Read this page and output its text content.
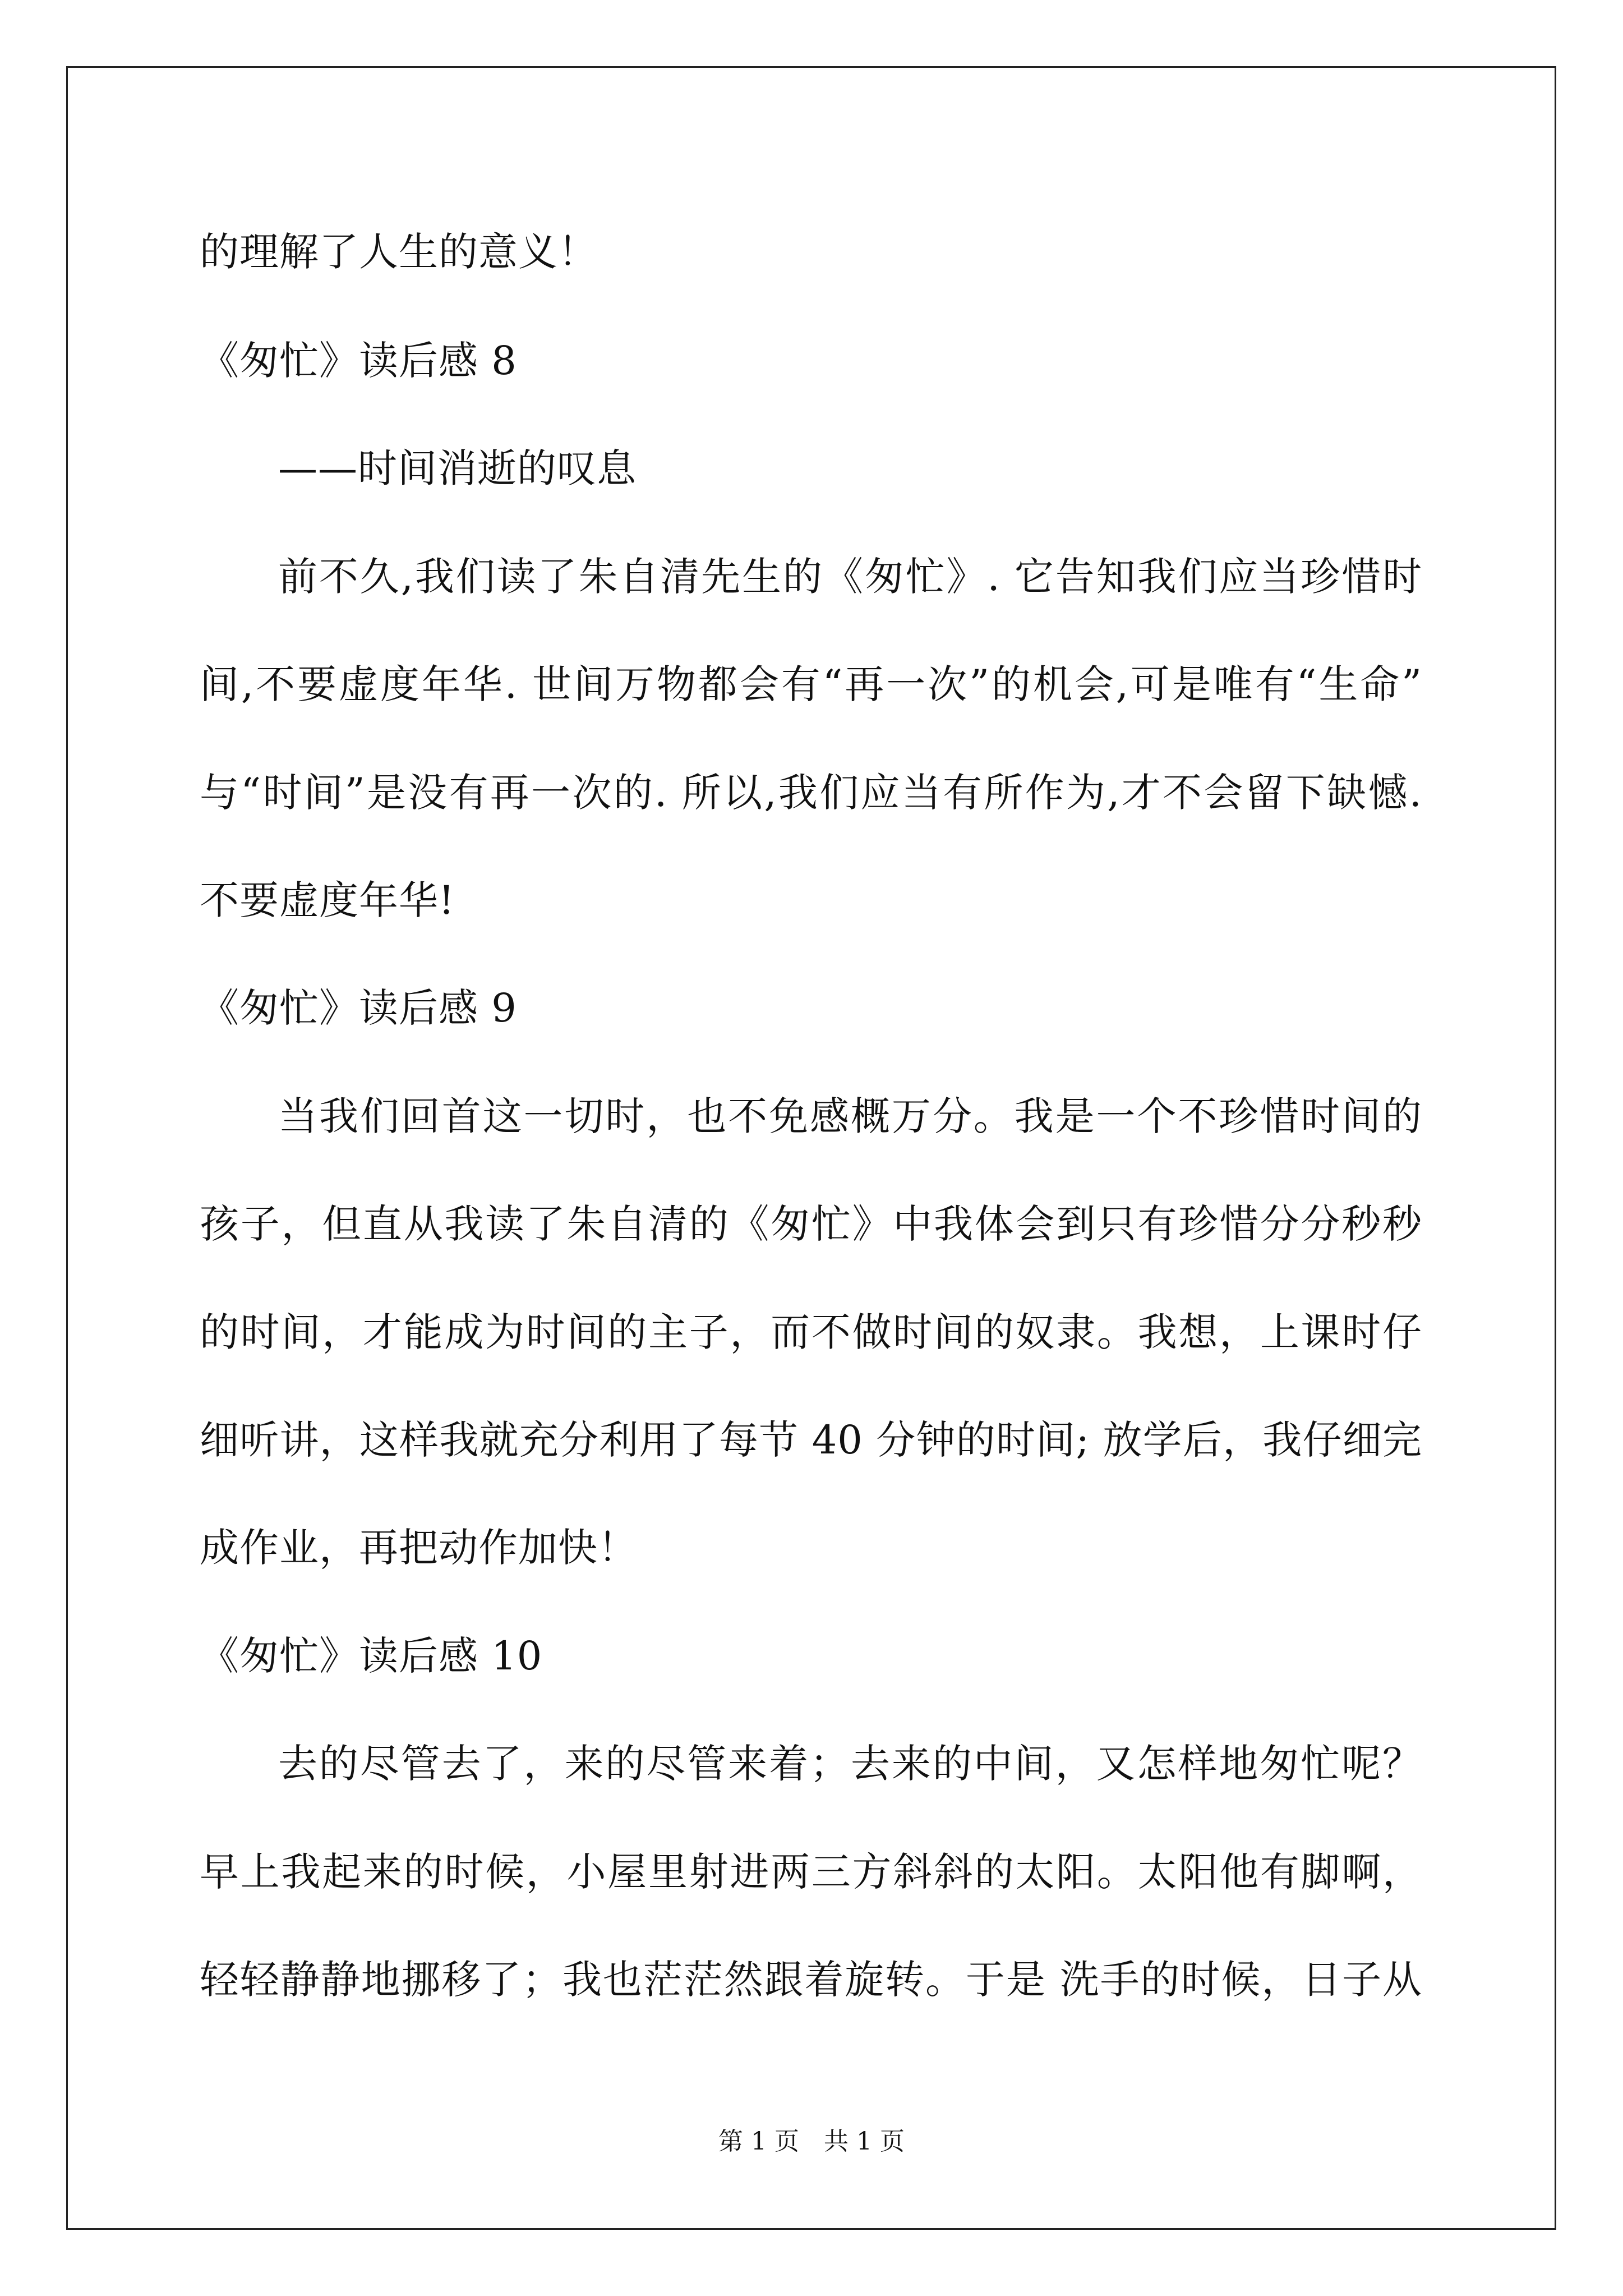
的理解了人生的意义！
《匆忙》读后感 8
——时间消逝的叹息
前不久,我们读了朱自清先生的《匆忙》. 它告知我们应当珍惜时
间,不要虚度年华. 世间万物都会有“再一次”的机会,可是唯有“生命”
与“时间”是没有再一次的. 所以,我们应当有所作为,才不会留下缺憾.
不要虚度年华!
《匆忙》读后感 9
当我们回首这一切时，也不免感概万分。我是一个不珍惜时间的
孩子，但直从我读了朱自清的《匆忙》中我体会到只有珍惜分分秒秒
的时间，才能成为时间的主子，而不做时间的奴隶。我想，上课时仔
细听讲，这样我就充分利用了每节 40 分钟的时间; 放学后，我仔细完
成作业，再把动作加快！
《匆忙》读后感 10
去的尽管去了，来的尽管来着；去来的中间，又怎样地匆忙呢？
早上我起来的时候，小屋里射进两三方斜斜的太阳。太阳他有脚啊，
轻轻静静地挪移了；我也茫茫然跟着旋转。于是 洗手的时候，日子从
第 1 页　共 1 页
